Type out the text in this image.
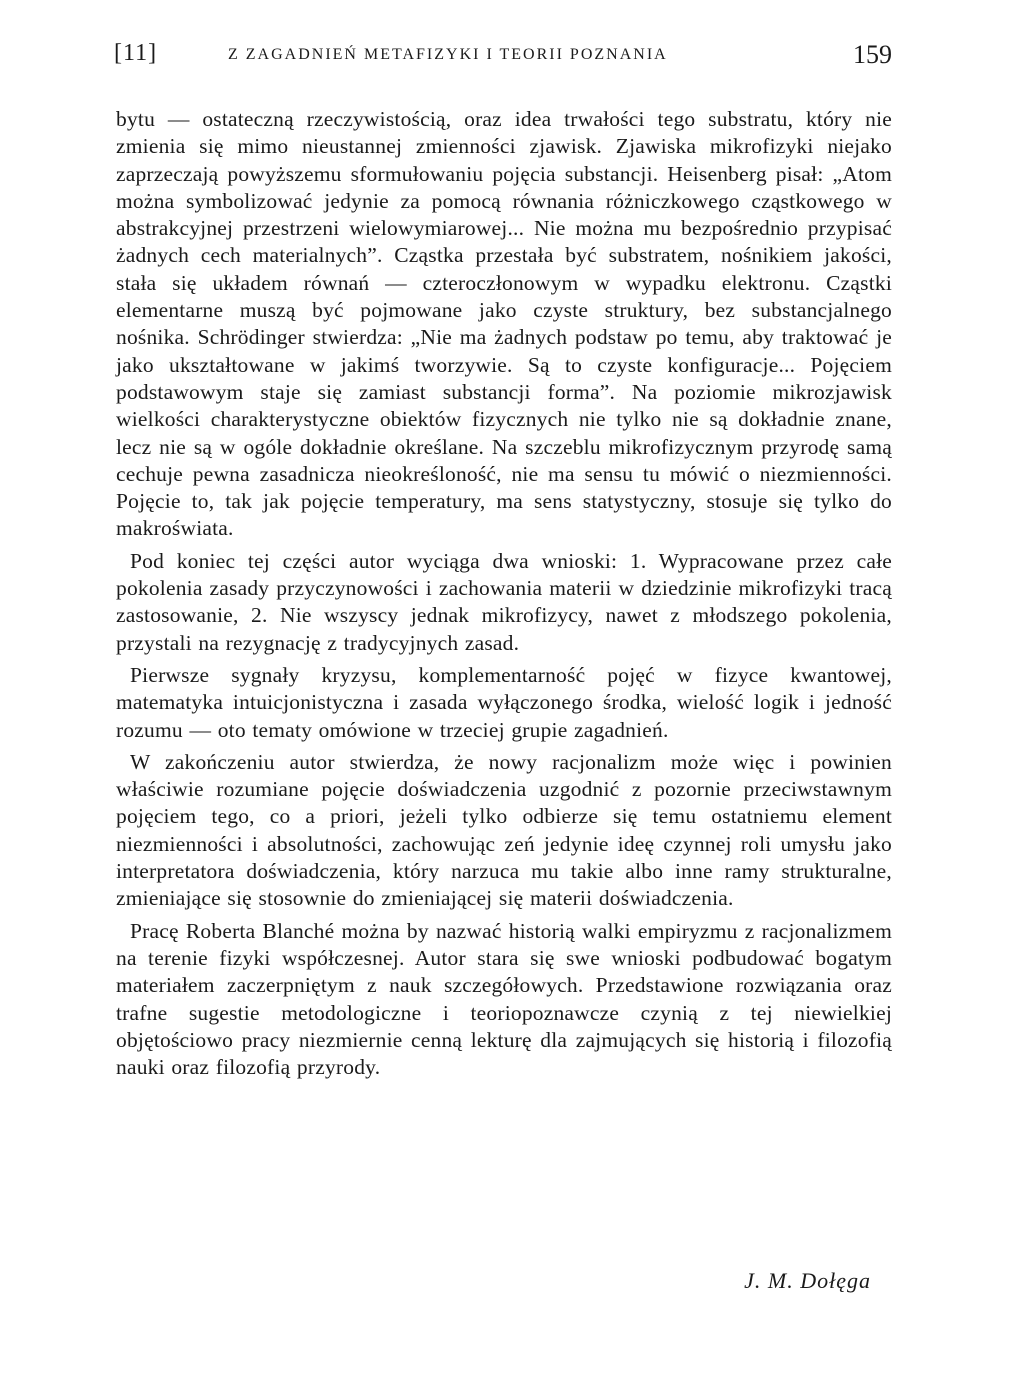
[11]	Z ZAGADNIEŃ METAFIZYKI I TEORII POZNANIA	159

bytu — ostateczną rzeczywistością, oraz idea trwałości tego substratu, który nie zmienia się mimo nieustannej zmienności zjawisk. Zjawiska mikrofizyki niejako zaprzeczają powyższemu sformułowaniu pojęcia substancji. Heisenberg pisał: „Atom można symbolizować jedynie za pomocą równania różniczkowego cząstkowego w abstrakcyjnej przestrzeni wielowymiarowej... Nie można mu bezpośrednio przypisać żadnych cech materialnych”. Cząstka przestała być substratem, nośnikiem jakości, stała się układem równań — czteroczłonowym w wypadku elektronu. Cząstki elementarne muszą być pojmowane jako czyste struktury, bez substancjalnego nośnika. Schrödinger stwierdza: „Nie ma żadnych podstaw po temu, aby traktować je jako ukształtowane w jakimś tworzywie. Są to czyste konfiguracje... Pojęciem podstawowym staje się zamiast substancji forma”. Na poziomie mikrozjawisk wielkości charakterystyczne obiektów fizycznych nie tylko nie są dokładnie znane, lecz nie są w ogóle dokładnie określane. Na szczeblu mikrofizycznym przyrodę samą cechuje pewna zasadnicza nieokreśloność, nie ma sensu tu mówić o niezmienności. Pojęcie to, tak jak pojęcie temperatury, ma sens statystyczny, stosuje się tylko do makroświata.

Pod koniec tej części autor wyciąga dwa wnioski: 1. Wypracowane przez całe pokolenia zasady przyczynowości i zachowania materii w dziedzinie mikrofizyki tracą zastosowanie, 2. Nie wszyscy jednak mikrofizycy, nawet z młodszego pokolenia, przystali na rezygnację z tradycyjnych zasad.

Pierwsze sygnały kryzysu, komplementarność pojęć w fizyce kwantowej, matematyka intuicjonistyczna i zasada wyłączonego środka, wielość logik i jedność rozumu — oto tematy omówione w trzeciej grupie zagadnień.

W zakończeniu autor stwierdza, że nowy racjonalizm może więc i powinien właściwie rozumiane pojęcie doświadczenia uzgodnić z pozornie przeciwstawnym pojęciem tego, co a priori, jeżeli tylko odbierze się temu ostatniemu element niezmienności i absolutności, zachowując zeń jedynie ideę czynnej roli umysłu jako interpretatora doświadczenia, który narzuca mu takie albo inne ramy strukturalne, zmieniające się stosownie do zmieniającej się materii doświadczenia.

Pracę Roberta Blanché można by nazwać historią walki empiryzmu z racjonalizmem na terenie fizyki współczesnej. Autor stara się swe wnioski podbudować bogatym materiałem zaczerpniętym z nauk szczegółowych. Przedstawione rozwiązania oraz trafne sugestie metodologiczne i teoriopoznawcze czynią z tej niewielkiej objętościowo pracy niezmiernie cenną lekturę dla zajmujących się historią i filozofią nauki oraz filozofią przyrody.

J. M. Dołęga
